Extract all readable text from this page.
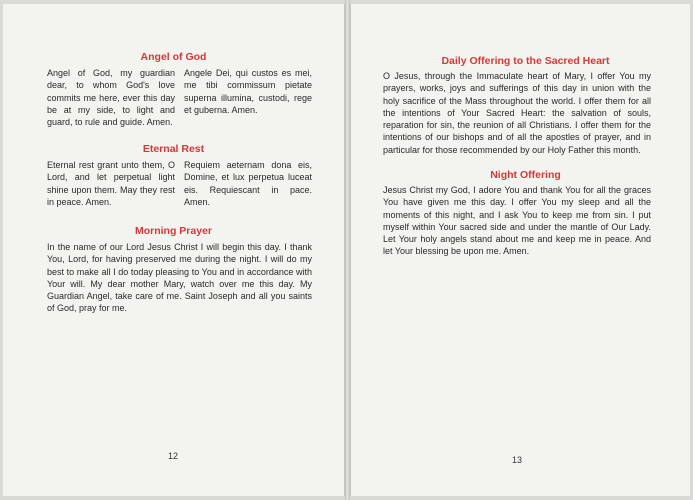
Angel of God

Angel of God, my guardian dear, to whom God's love commits me here, ever this day be at my side, to light and guard, to rule and guide. Amen.

Angele Dei, qui custos es mei, me tibi commissum pietate superna illumina, custodi, rege et guberna. Amen.

Eternal Rest

Eternal rest grant unto them, O Lord, and let perpetual light shine upon them. May they rest in peace. Amen.

Requiem aeternam dona eis, Domine, et lux perpetua luceat eis. Requiescant in pace. Amen.

Morning Prayer

In the name of our Lord Jesus Christ I will begin this day. I thank You, Lord, for having preserved me during the night. I will do my best to make all I do today pleasing to You and in accordance with Your will. My dear mother Mary, watch over me this day. My Guardian Angel, take care of me. Saint Joseph and all you saints of God, pray for me.

12
Daily Offering to the Sacred Heart

O Jesus, through the Immaculate heart of Mary, I offer You my prayers, works, joys and sufferings of this day in union with the holy sacrifice of the Mass throughout the world. I offer them for all the intentions of Your Sacred Heart: the salvation of souls, reparation for sin, the reunion of all Christians. I offer them for the intentions of our bishops and of all the apostles of prayer, and in particular for those recommended by our Holy Father this month.

Night Offering

Jesus Christ my God, I adore You and thank You for all the graces You have given me this day. I offer You my sleep and all the moments of this night, and I ask You to keep me from sin. I put myself within Your sacred side and under the mantle of Our Lady. Let Your holy angels stand about me and keep me in peace. And let Your blessing be upon me. Amen.

13
